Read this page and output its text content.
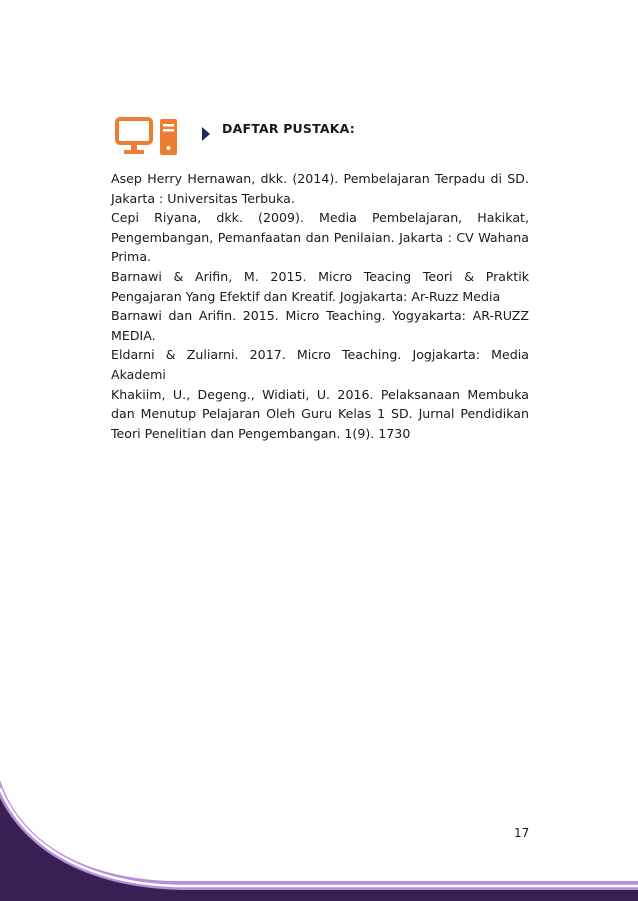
DAFTAR PUSTAKA:

Asep Herry Hernawan, dkk. (2014). Pembelajaran Terpadu di SD. Jakarta : Universitas Terbuka.

Cepi Riyana, dkk. (2009). Media Pembelajaran, Hakikat, Pengembangan, Pemanfaatan dan Penilaian. Jakarta : CV Wahana Prima.

Barnawi & Arifin, M. 2015. Micro Teacing Teori & Praktik Pengajaran Yang Efektif dan Kreatif. Jogjakarta: Ar-Ruzz Media

Barnawi dan Arifin. 2015. Micro Teaching. Yogyakarta: AR-RUZZ MEDIA.

Eldarni & Zuliarni. 2017. Micro Teaching. Jogjakarta: Media Akademi

Khakiim, U., Degeng., Widiati, U. 2016. Pelaksanaan Membuka dan Menutup Pelajaran Oleh Guru Kelas 1 SD. Jurnal Pendidikan Teori Penelitian dan Pengembangan. 1(9). 1730

17
